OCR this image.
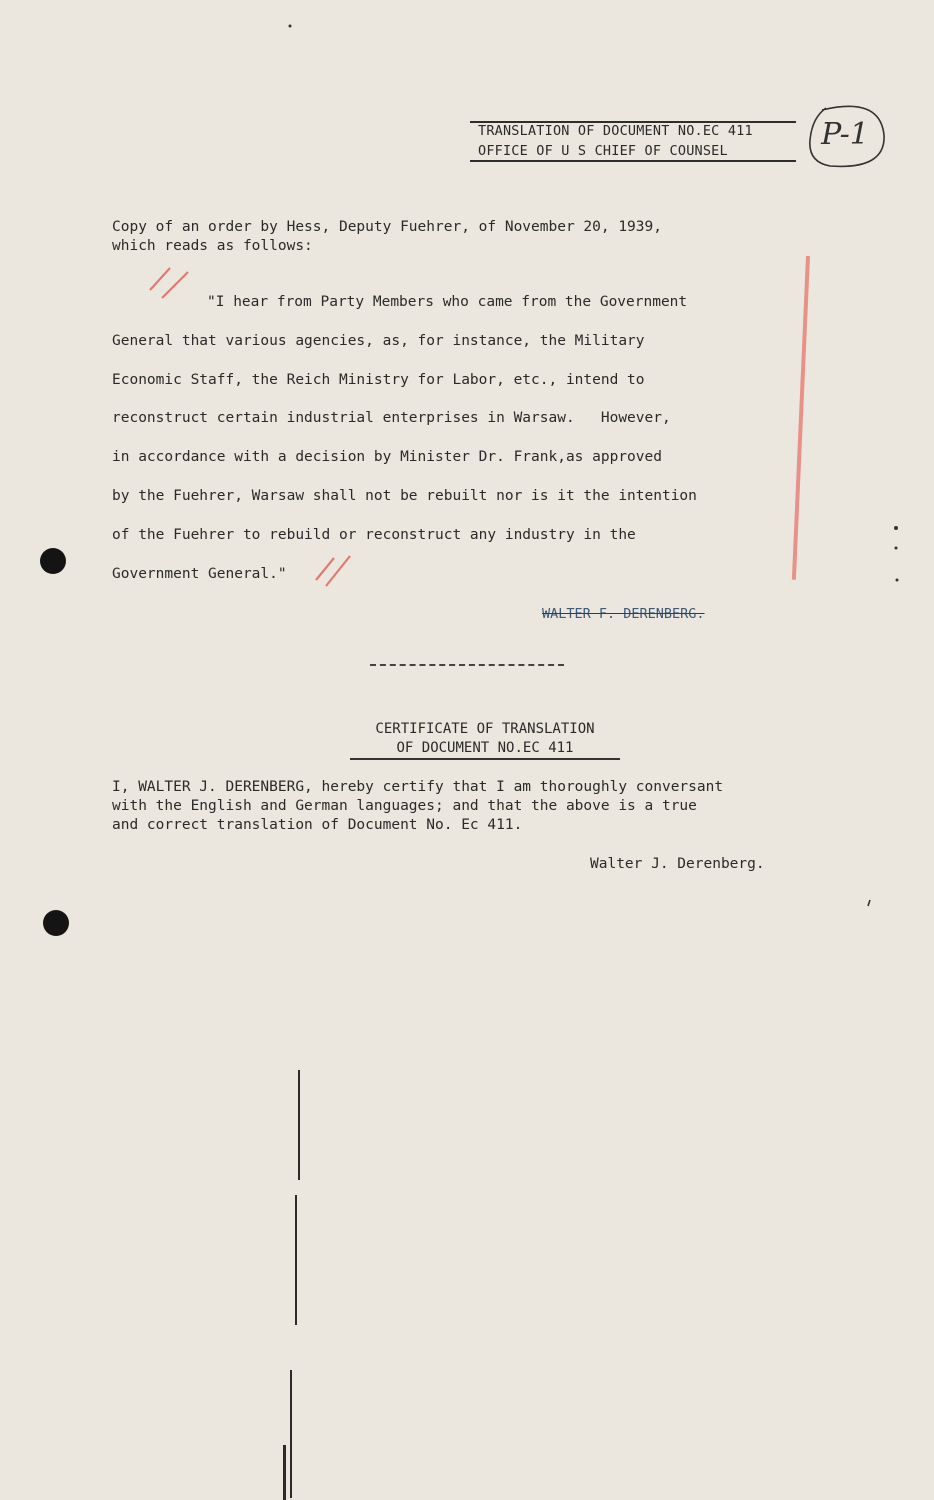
TRANSLATION OF DOCUMENT NO.EC 411
OFFICE OF U S CHIEF OF COUNSEL	P-1
Copy of an order by Hess, Deputy Fuehrer, of November 20, 1939,
which reads as follows:
"I hear from Party Members who came from the Government
General that various agencies, as, for instance, the Military
Economic Staff, the Reich Ministry for Labor, etc., intend to
reconstruct certain industrial enterprises in Warsaw.   However,
in accordance with a decision by Minister Dr. Frank,as approved
by the Fuehrer, Warsaw shall not be rebuilt nor is it the intention
of the Fuehrer to rebuild or reconstruct any industry in the
Government General."
WALTER F. DERENBERG.
CERTIFICATE OF TRANSLATION
OF DOCUMENT NO.EC 411
I, WALTER J. DERENBERG, hereby certify that I am thoroughly conversant
with the English and German languages; and that the above is a true
and correct translation of Document No. Ec 411.
Walter J. Derenberg.
